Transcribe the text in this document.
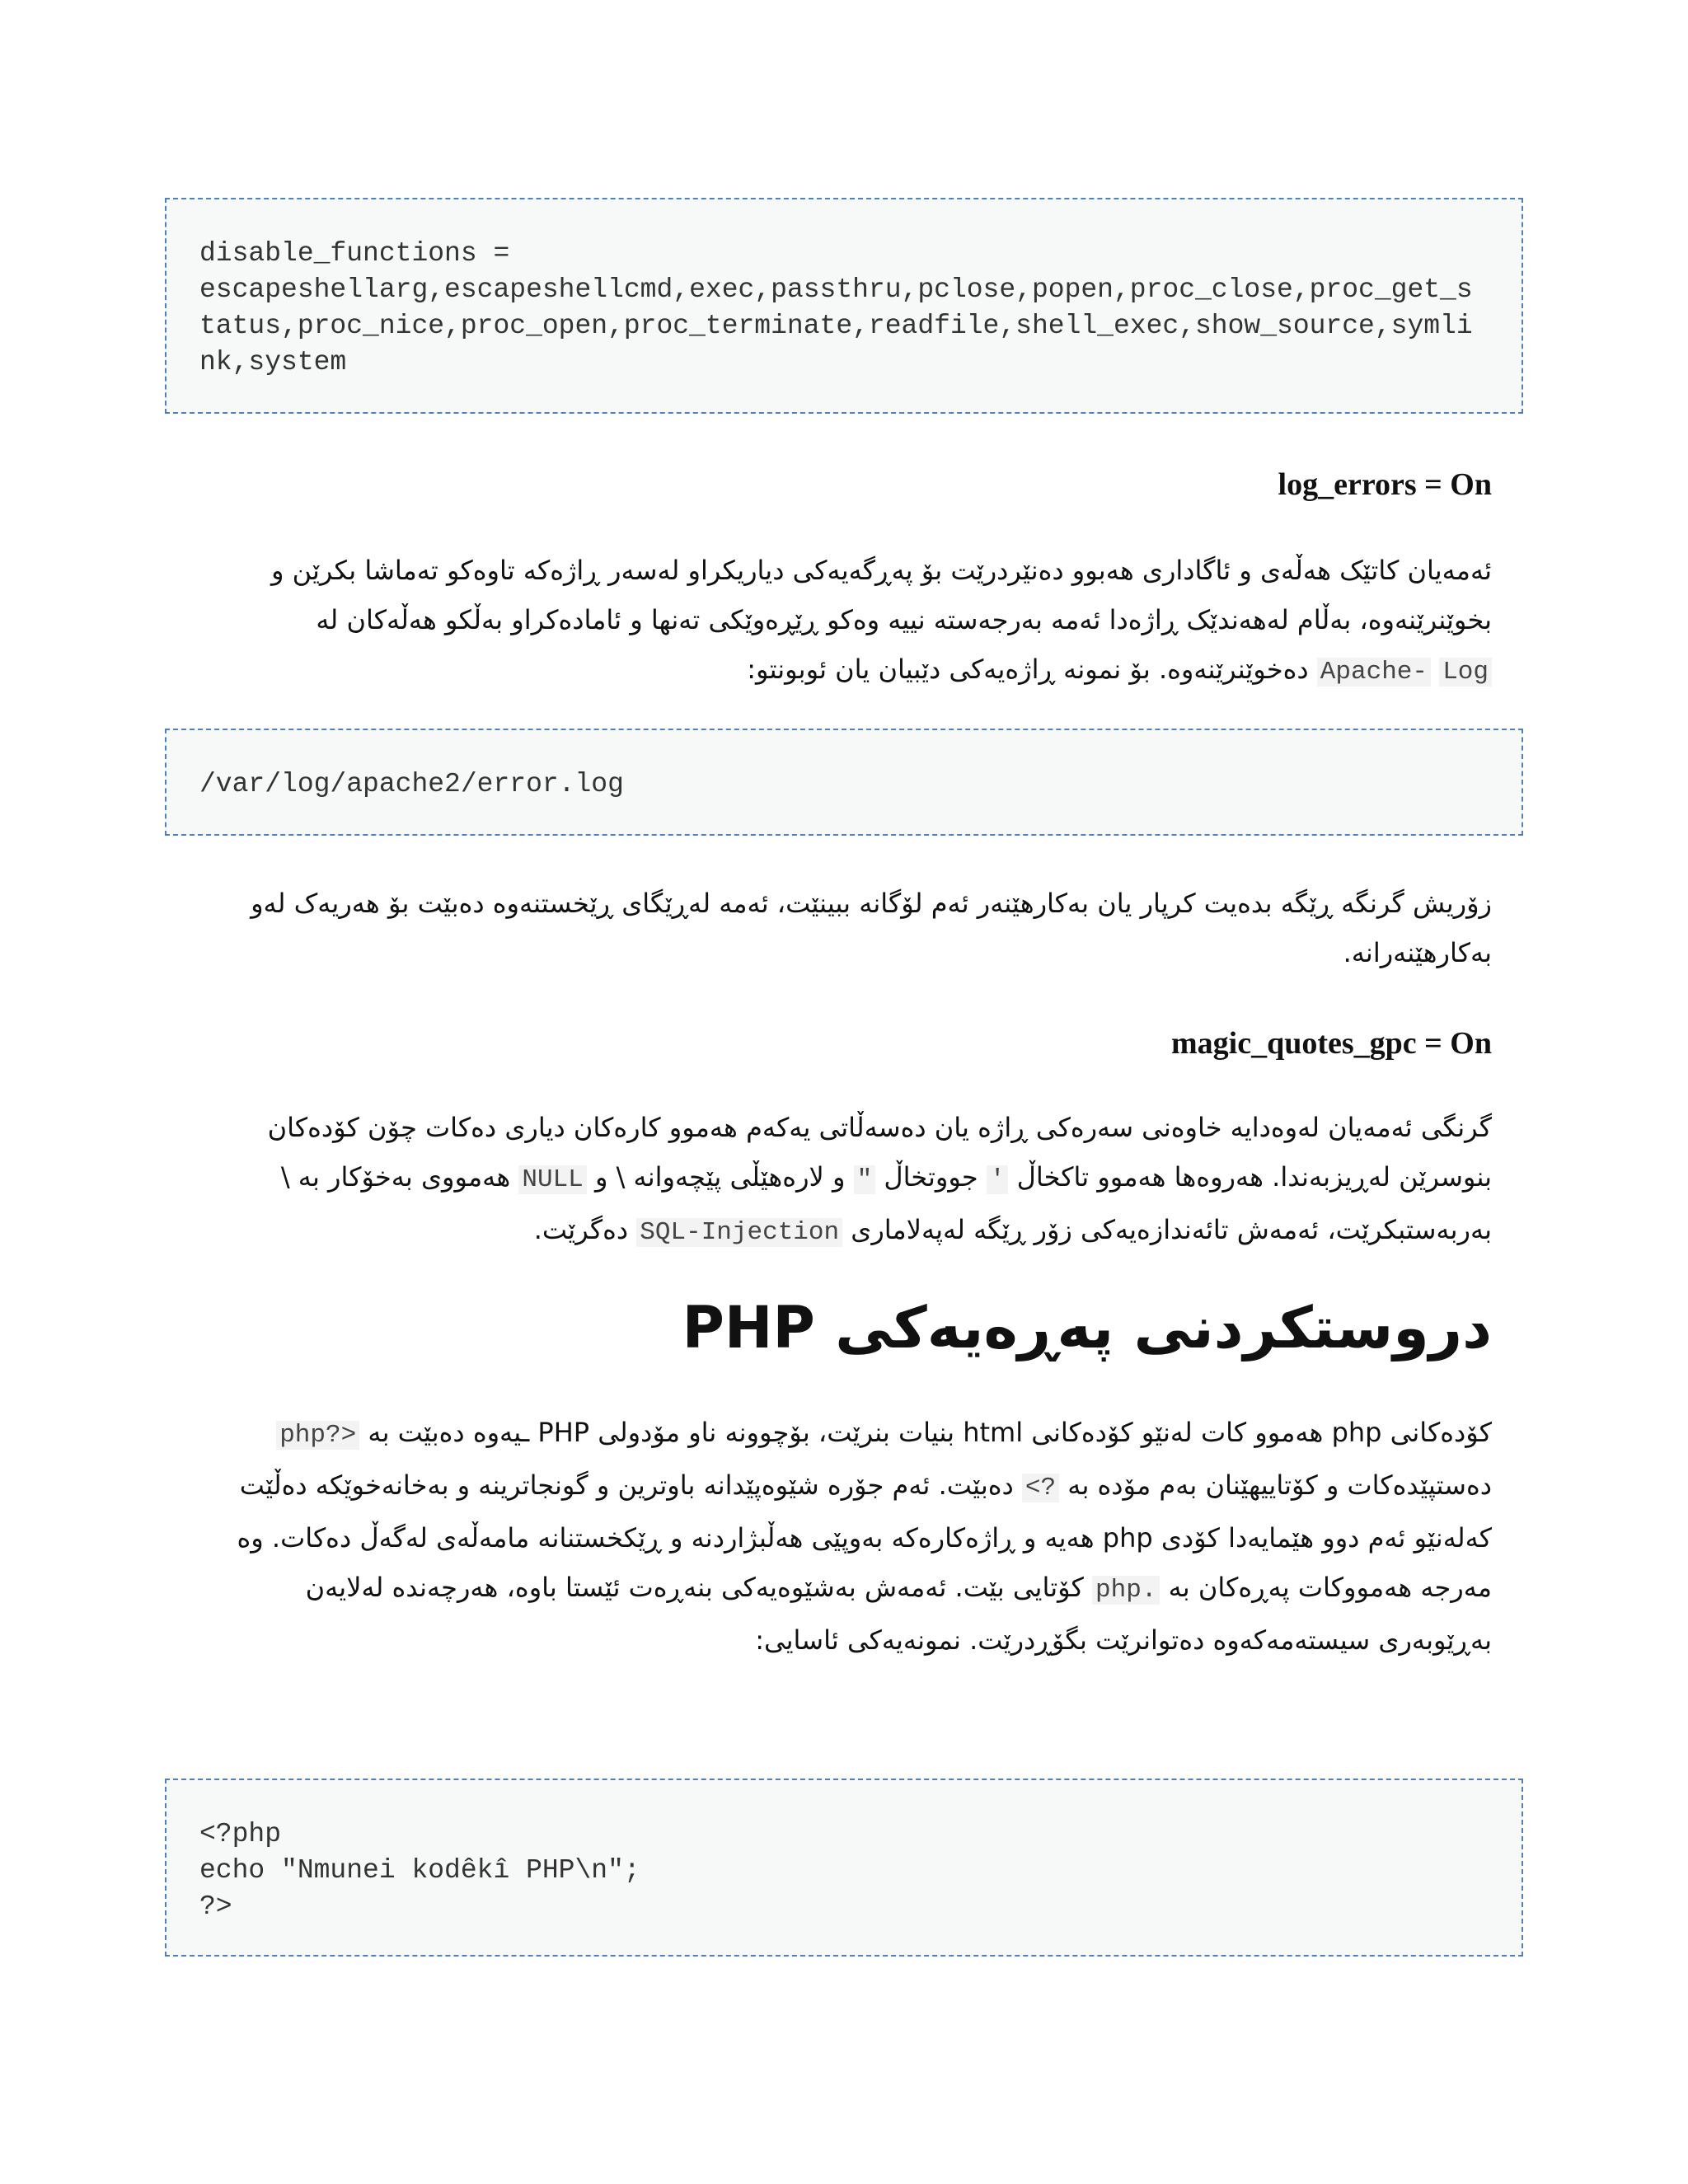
disable_functions =
escapeshellarg,escapeshellcmd,exec,passthru,pclose,popen,proc_close,proc_get_status,proc_nice,proc_open,proc_terminate,readfile,shell_exec,show_source,symlink,system
log_errors = On

ئەمەیان کاتێک هەڵەی و ئاگاداری هەبوو دەنێردرێت بۆ پەڕگەیەکی دیاریکراو لەسەر ڕاژەکە تاوەکو تەماشا بکرێن و بخوێنرێنەوە، بەڵام لەهەندێک ڕاژەدا ئەمە بەرجەستە نییە وەکو ڕێڕەوێکی تەنها و ئامادەکراو بەڵکو هەڵەکان لە Apache- Log دەخوێنرێنەوە. بۆ نمونە ڕاژەیەکی دێبیان یان ئوبونتو:

/var/log/apache2/error.log

زۆریش گرنگە ڕێگە بدەیت کرپار یان بەکارهێنەر ئەم لۆگانە ببینێت، ئەمە لەڕێگای ڕێخستنەوە دەبێت بۆ هەریەک لەو بەکارهێنەرانە.

magic_quotes_gpc = On

گرنگی ئەمەیان لەوەدایە خاوەنی سەرەکی ڕاژە یان دەسەڵاتی یەکەم هەموو کارەکان دیاری دەکات چۆن کۆدەکان بنوسرێن لەڕیزبەندا. هەروەها هەموو تاکخاڵ ' جووتخاڵ " و لارەهێڵی پێچەوانە \ و NULL هەمووی بەخۆکار بە \ بەربەستبکرێت، ئەمەش تائەندازەیەکی زۆر ڕێگە لەپەلاماری SQL-Injection دەگرێت.

دروستکردنی پەڕەیەکی PHP

کۆدەکانی php هەموو کات لەنێو کۆدەکانی html بنیات بنرێت، بۆچوونە ناو مۆدولی PHP ـیەوە دەبێت بە <?php دەستپێدەکات و کۆتاییهێنان بەم مۆدە بە ?> دەبێت. ئەم جۆرە شێوەپێدانە باوترین و گونجاترینە و بەخانەخوێکە دەڵێت کەلەنێو ئەم دوو هێمایەدا کۆدی php هەیە و ڕاژەکارەکە بەوپێی هەڵبژاردنە و ڕێکخستنانە مامەڵەی لەگەڵ دەکات. وە مەرجە هەمووکات پەڕەکان بە .php کۆتایی بێت. ئەمەش بەشێوەیەکی بنەڕەت ئێستا باوە، هەرچەندە لەلایەن بەڕێوبەری سیستەمەکەوە دەتوانرێت بگۆڕدرێت. نمونەیەکی ئاسایی:

<?php
echo "Nmunei kodêkî PHP\n";
?>
